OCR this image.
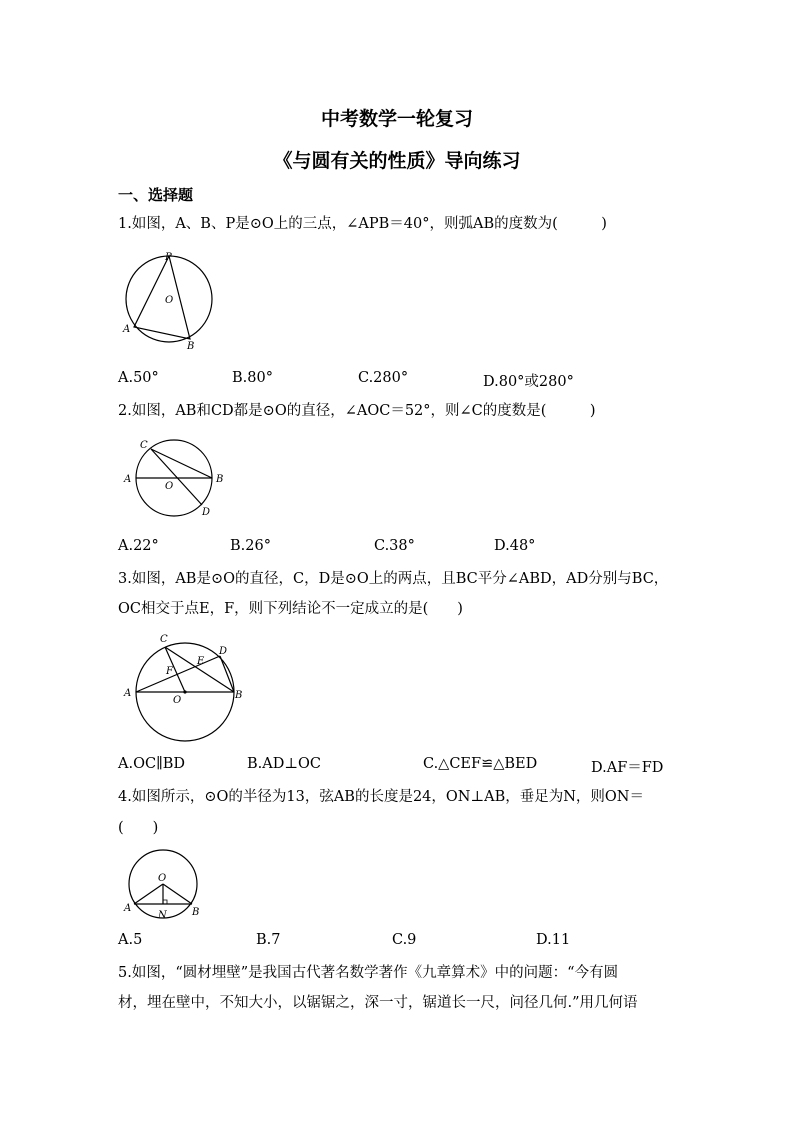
中考数学一轮复习
《与圆有关的性质》导向练习
一、选择题
1.如图，A、B、P是⊙O上的三点，∠APB＝40°，则弧AB的度数为(　　　)
P
O
A
B
A.50°	B.80°	C.280°	D.80°或280°
2.如图，AB和CD都是⊙O的直径，∠AOC＝52°，则∠C的度数是(　　　)
C
A
O
B
D
A.22°	B.26°	C.38°	D.48°
3.如图，AB是⊙O的直径，C，D是⊙O上的两点，且BC平分∠ABD，AD分别与BC，
OC相交于点E，F，则下列结论不一定成立的是(　　)
C
D
E
F
A
O	B
A.OC∥BD	B.AD⊥OC	C.△CEF≌△BED	D.AF＝FD
4.如图所示，⊙O的半径为13，弦AB的长度是24，ON⊥AB，垂足为N，则ON＝
(　　)
O
A
N	B
A.5	B.7	C.9	D.11
5.如图，“圆材埋壁”是我国古代著名数学著作《九章算术》中的问题：“今有圆
材，埋在壁中，不知大小，以锯锯之，深一寸，锯道长一尺，问径几何.”用几何语
